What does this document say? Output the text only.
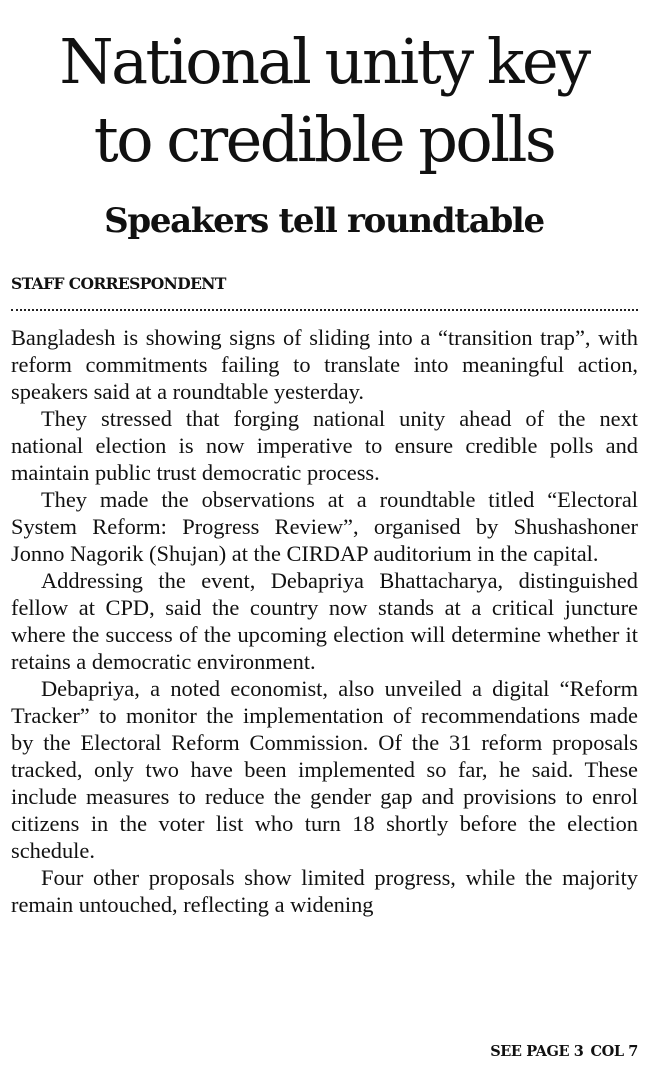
National unity key
to credible polls
Speakers tell roundtable
STAFF CORRESPONDENT

Bangladesh is showing signs of sliding into a “transition trap”, with reform commitments failing to translate into meaningful action, speakers said at a roundtable yesterday.

They stressed that forging national unity ahead of the next national election is now imperative to ensure credible polls and maintain public trust democratic process.

They made the observations at a roundtable titled “Electoral System Reform: Progress Review”, organised by Shushashoner Jonno Nagorik (Shujan) at the CIRDAP auditorium in the capital.

Addressing the event, Debapriya Bhattacharya, distinguished fellow at CPD, said the country now stands at a critical juncture where the success of the upcoming election will determine whether it retains a democratic environment.

Debapriya, a noted economist, also unveiled a digital “Reform Tracker” to monitor the implementation of recommendations made by the Electoral Reform Commission. Of the 31 reform proposals tracked, only two have been implemented so far, he said. These include measures to reduce the gender gap and provisions to enrol citizens in the voter list who turn 18 shortly before the election schedule.

Four other proposals show limited progress, while the majority remain untouched, reflecting a widening

SEE PAGE 3 COL 7
